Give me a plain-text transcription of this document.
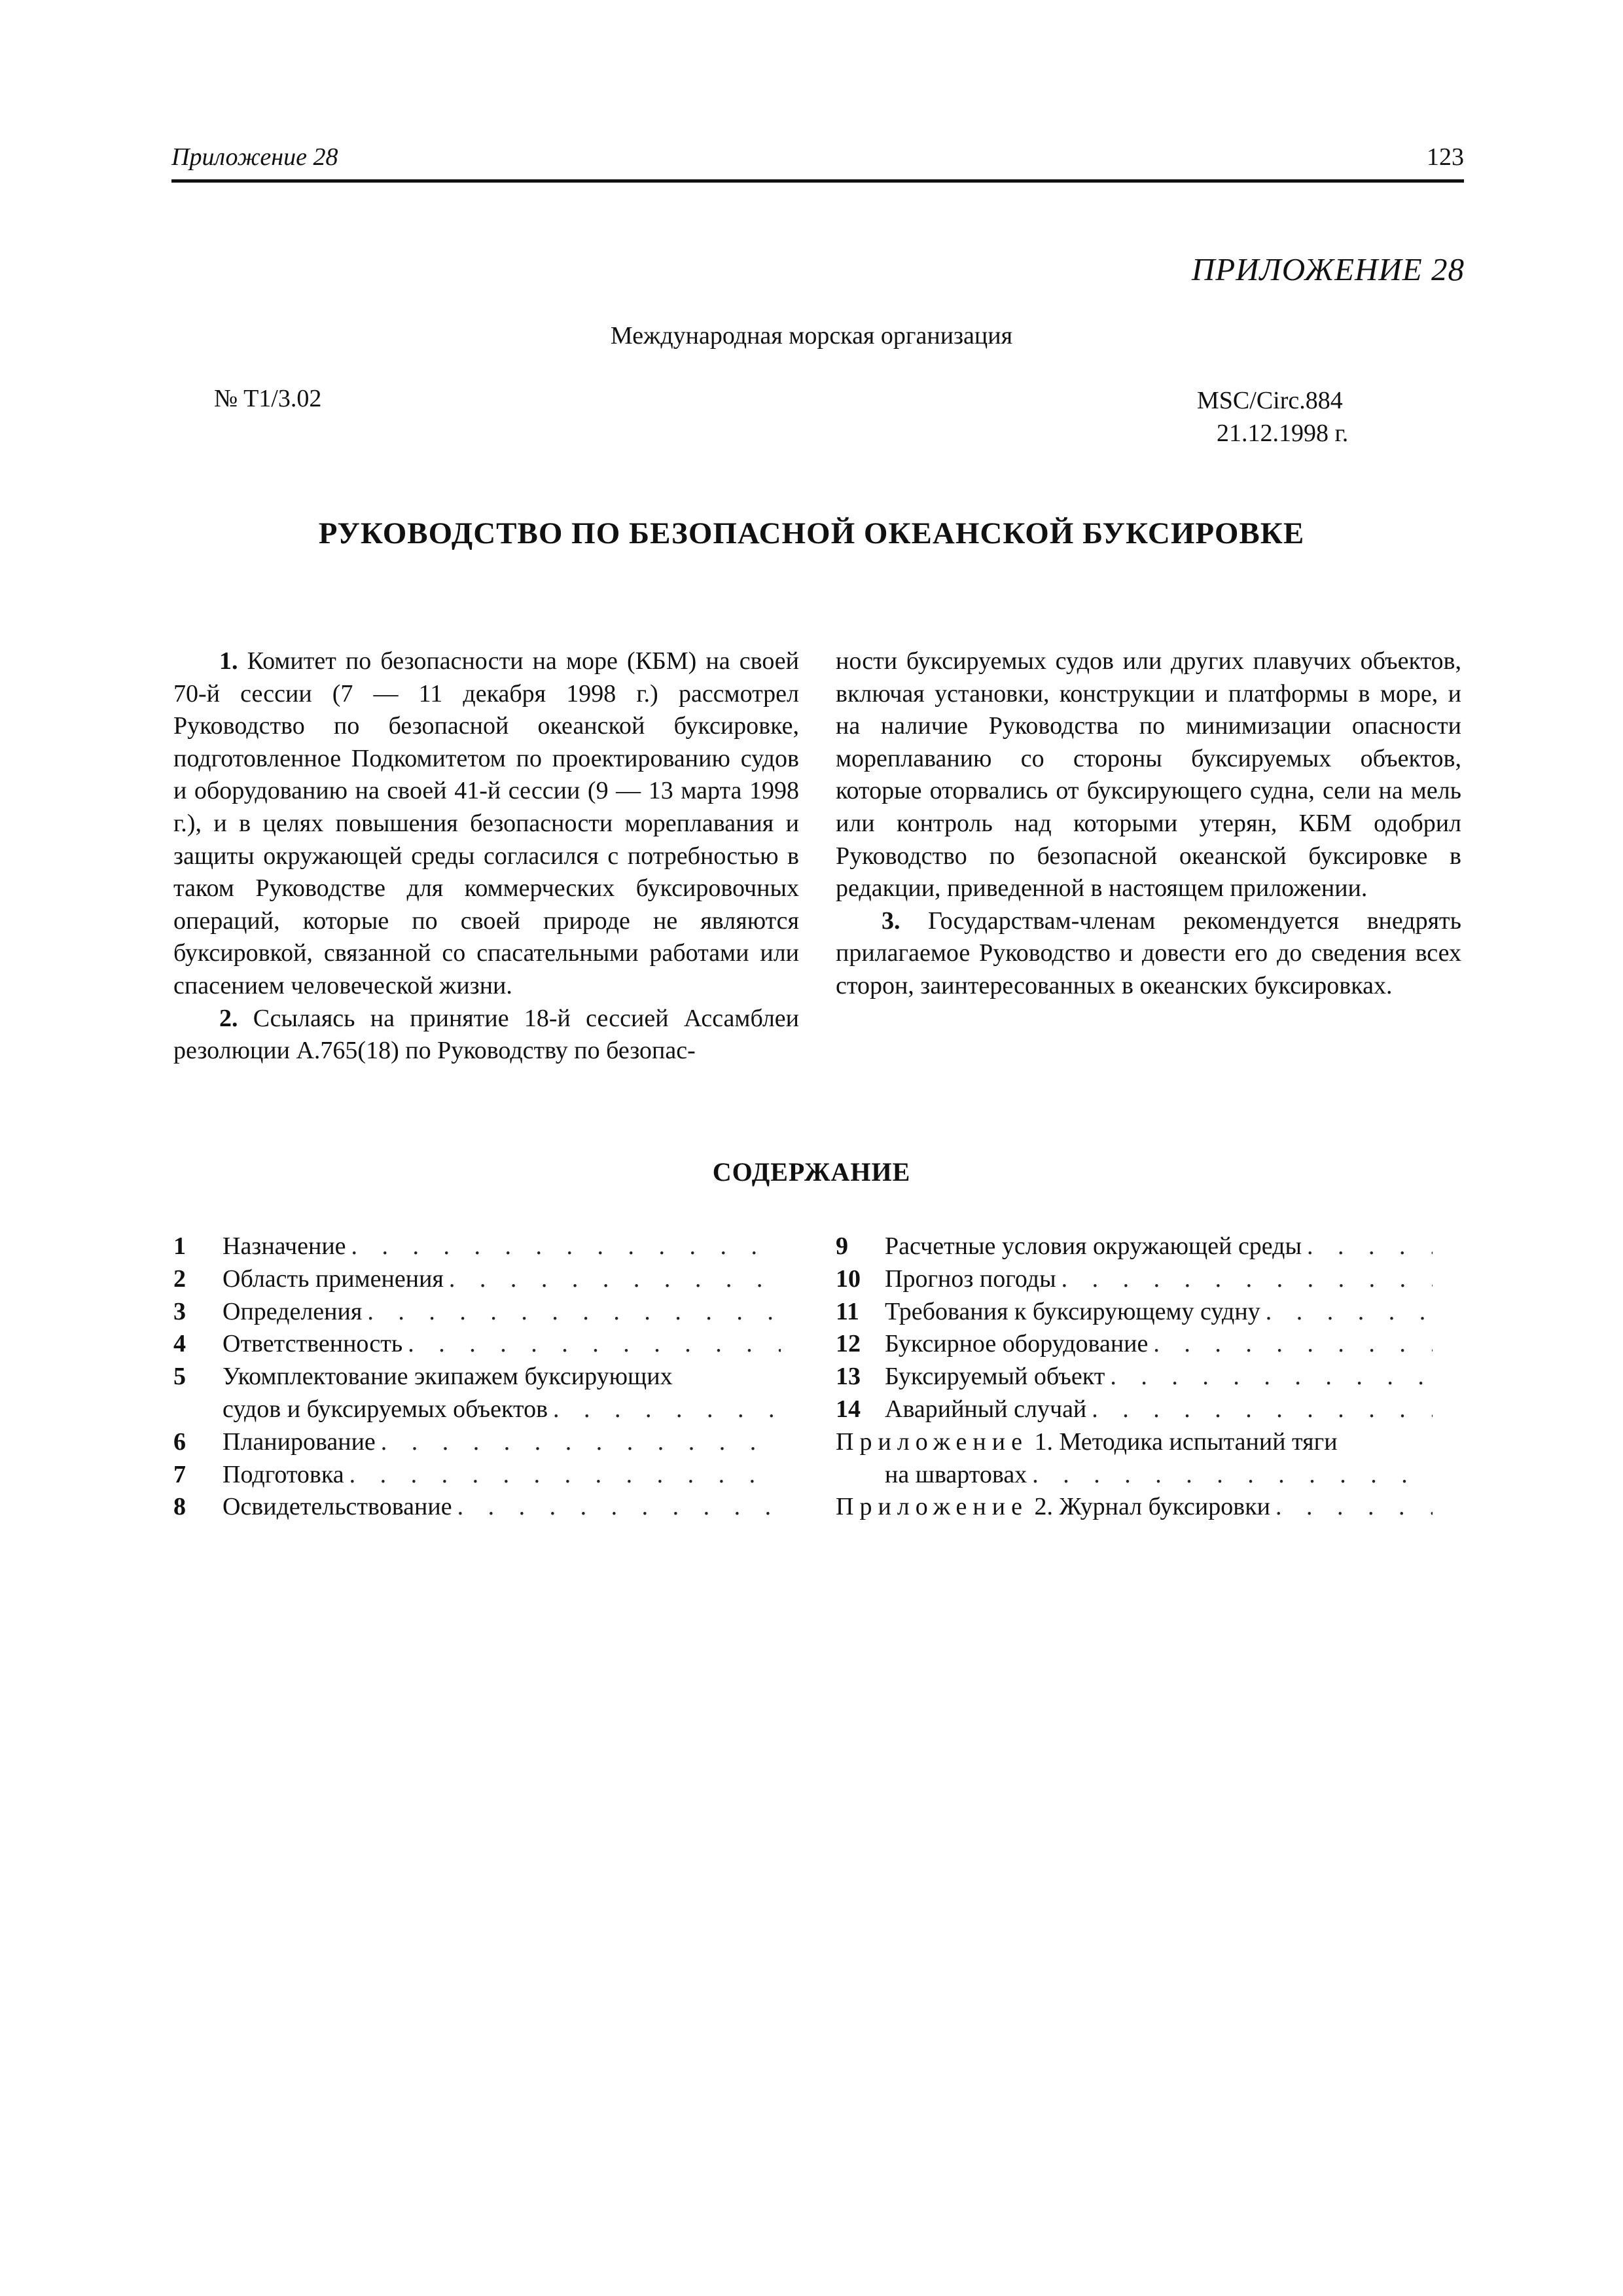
Приложение 28	123
ПРИЛОЖЕНИЕ 28
Международная морская организация
№ T1/3.02	MSC/Circ.884
21.12.1998 г.
РУКОВОДСТВО ПО БЕЗОПАСНОЙ ОКЕАНСКОЙ БУКСИРОВКЕ

1. Комитет по безопасности на море (КБМ) на своей 70-й сессии (7 — 11 декабря 1998 г.) рассмотрел Руководство по безопасной океанской буксировке, подготовленное Подкомитетом по проектированию судов и оборудованию на своей 41-й сессии (9 — 13 марта 1998 г.), и в целях повышения безопасности мореплавания и защиты окружающей среды согласился с потребностью в таком Руководстве для коммерческих буксировочных операций, которые по своей природе не являются буксировкой, связанной со спасательными работами или спасением человеческой жизни.

2. Ссылаясь на принятие 18-й сессией Ассамблеи резолюции A.765(18) по Руководству по безопас-

ности буксируемых судов или других плавучих объектов, включая установки, конструкции и платформы в море, и на наличие Руководства по минимизации опасности мореплаванию со стороны буксируемых объектов, которые оторвались от буксирующего судна, сели на мель или контроль над которыми утерян, КБМ одобрил Руководство по безопасной океанской буксировке в редакции, приведенной в настоящем приложении.

3. Государствам-членам рекомендуется внедрять прилагаемое Руководство и довести его до сведения всех сторон, заинтересованных в океанских буксировках.

СОДЕРЖАНИЕ
1	Назначение
. . .
2	Область применения
. . .
3	Определения
. . .
4	Ответственность
. . .
5	Укомплектование экипажем буксирующих
судов и буксируемых объектов
. . .
6	Планирование
. . .
7	Подготовка
. . .
8	Освидетельствование
. . .
9	Расчетные условия окружающей среды
. . .
10 Прогноз погоды
. . .
11	Требования к буксирующему судну
. . .
12 Буксирное оборудование
. . .
13 Буксируемый объект
. . .
14 Аварийный случай
. . .
Приложение 1. Методика испытаний тяги
на швартовах
. . .
Приложение 2. Журнал буксировки
. . .
